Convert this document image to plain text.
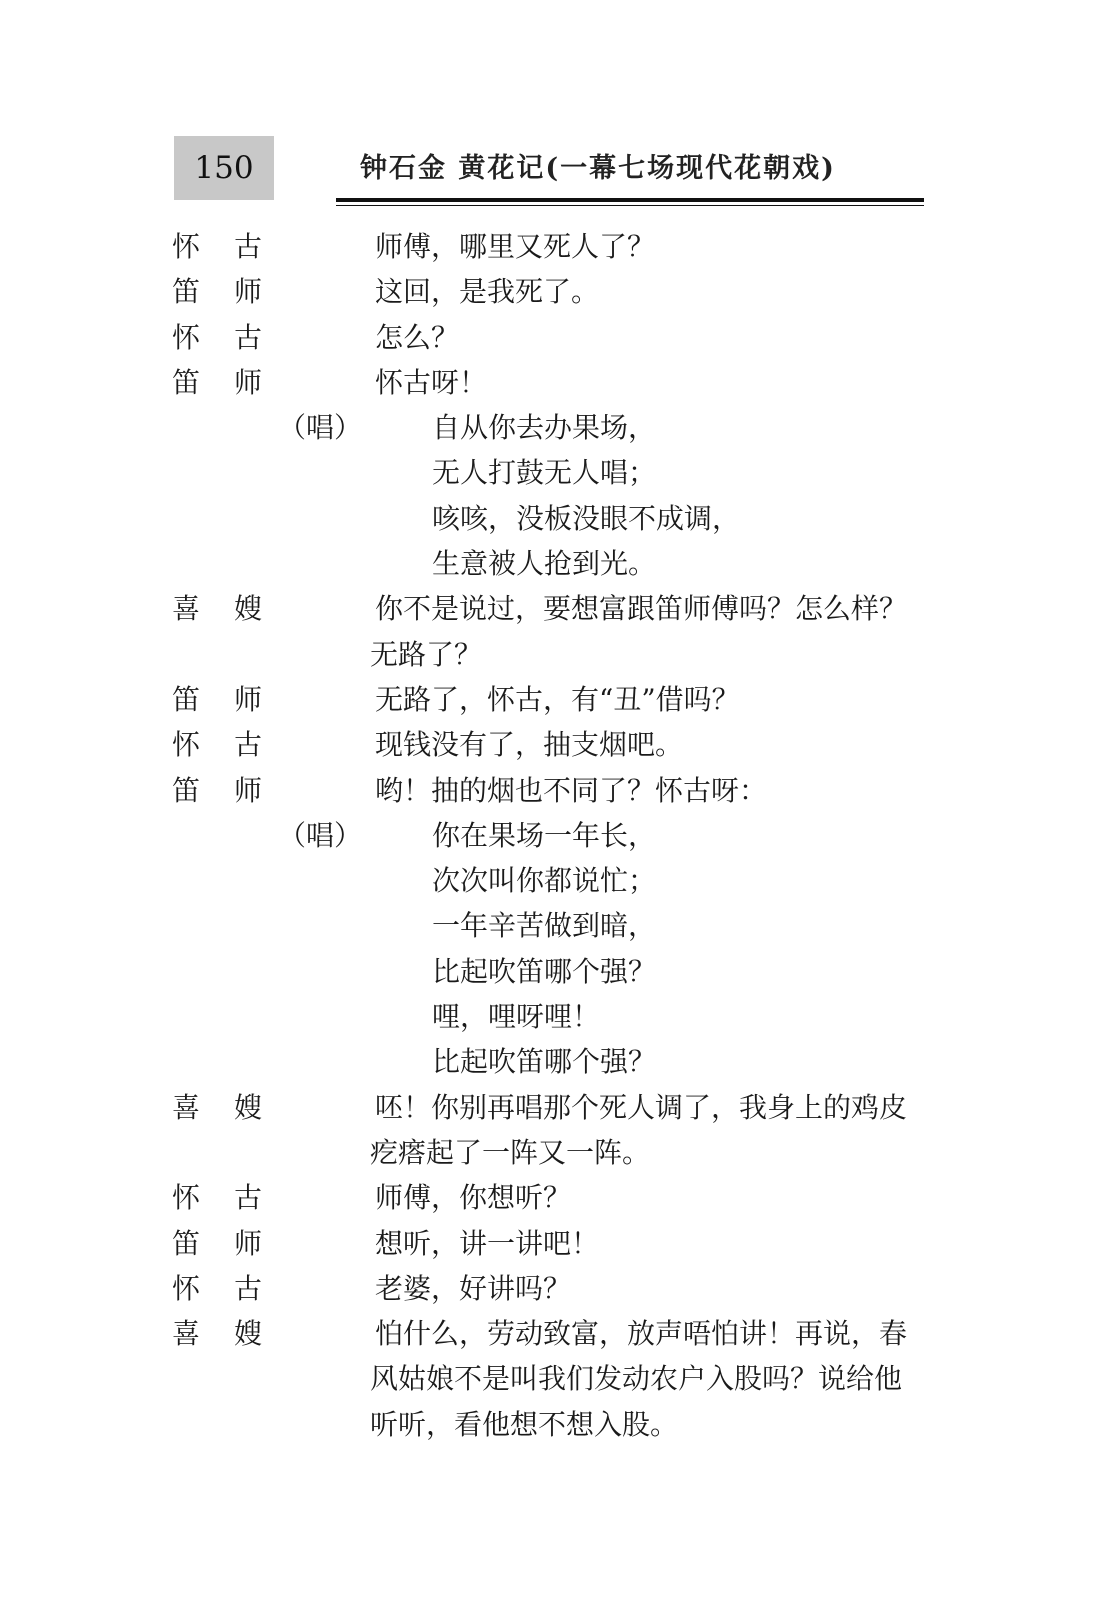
150	钟石金 黄花记(一幕七场现代花朝戏)
怀 古	师傅，哪里又死人了？
笛 师	这回，是我死了。
怀 古	怎么？
笛 师	怀古呀！
（唱） 自从你去办果场，
无人打鼓无人唱；
咳咳，没板没眼不成调，
生意被人抢到光。
喜 嫂	你不是说过，要想富跟笛师傅吗？怎么样？
无路了？
笛 师	无路了，怀古，有“丑”借吗？
怀 古	现钱没有了，抽支烟吧。
笛 师	哟！抽的烟也不同了？怀古呀：
（唱） 你在果场一年长，
次次叫你都说忙；
一年辛苦做到暗，
比起吹笛哪个强？
哩，哩呀哩！
比起吹笛哪个强？
喜 嫂	呸！你别再唱那个死人调了，我身上的鸡皮
疙瘩起了一阵又一阵。
怀 古	师傅，你想听？
笛 师	想听，讲一讲吧！
怀 古	老婆，好讲吗？
喜 嫂	怕什么，劳动致富，放声唔怕讲！再说，春
风姑娘不是叫我们发动农户入股吗？说给他
听听，看他想不想入股。
